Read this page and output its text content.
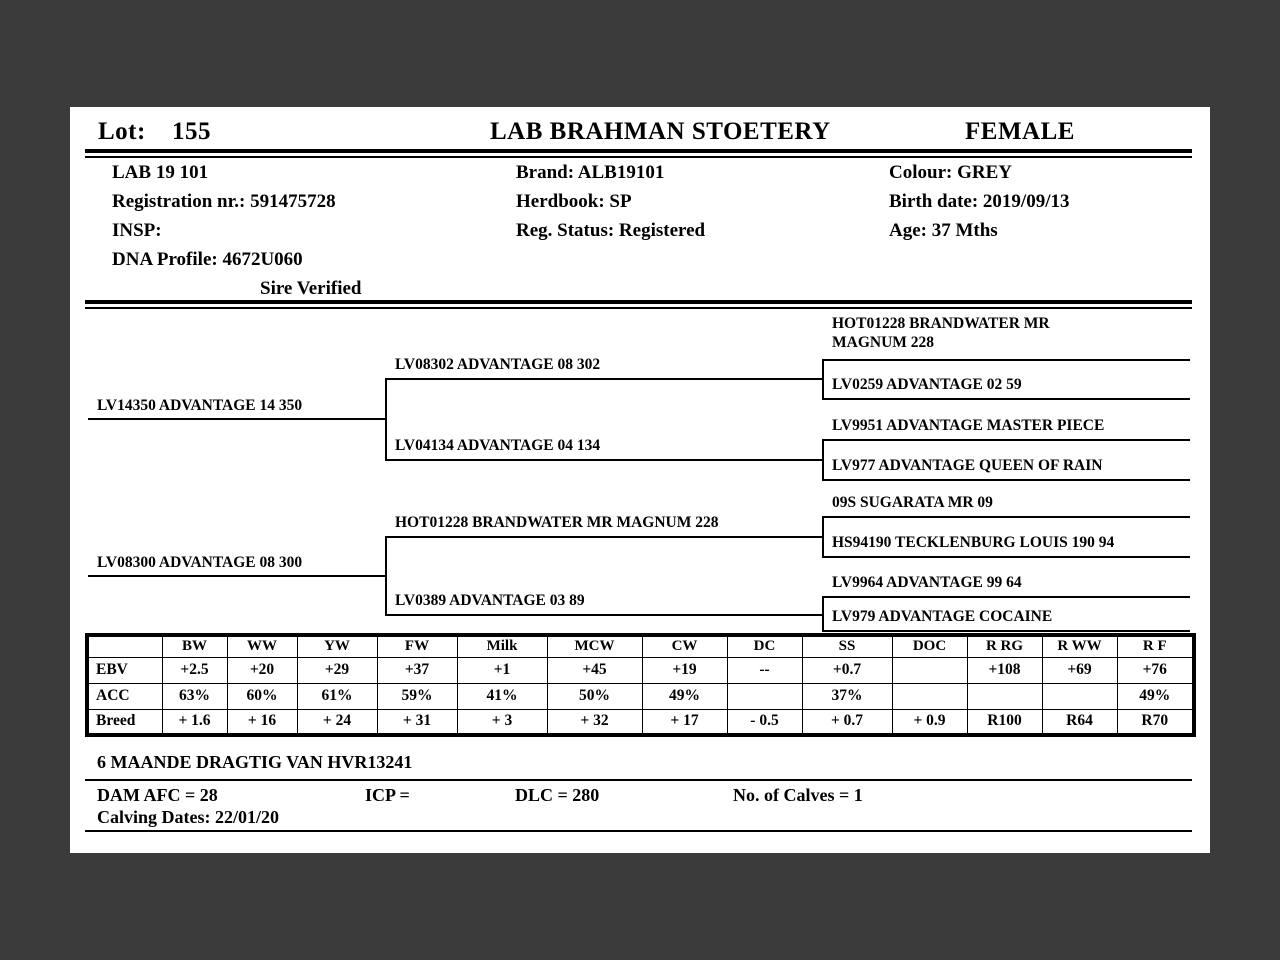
Lot: 155	LAB BRAHMAN STOETERY	FEMALE
LAB 19 101
Registration nr.: 591475728
INSP:
DNA Profile: 4672U060
Sire Verified
Brand: ALB19101
Herdbook: SP
Reg. Status: Registered
Colour: GREY
Birth date: 2019/09/13
Age: 37 Mths
LV14350 ADVANTAGE 14 350
LV08300 ADVANTAGE 08 300
LV08302 ADVANTAGE 08 302
LV04134 ADVANTAGE 04 134
HOT01228 BRANDWATER MR MAGNUM 228
LV0389 ADVANTAGE 03 89
HOT01228 BRANDWATER MR MAGNUM 228
LV0259 ADVANTAGE 02 59
LV9951 ADVANTAGE MASTER PIECE
LV977 ADVANTAGE QUEEN OF RAIN
09S SUGARATA MR 09
HS94190 TECKLENBURG LOUIS 190 94
LV9964 ADVANTAGE 99 64
LV979 ADVANTAGE COCAINE
	BW	WW	YW	FW	Milk	MCW	CW	DC	SS	DOC	R RG	R WW	R F
EBV	+2.5	+20	+29	+37	+1	+45	+19	--	+0.7		+108	+69	+76
ACC	63%	60%	61%	59%	41%	50%	49%		37%				49%
Breed	+ 1.6	+ 16	+ 24	+ 31	+ 3	+ 32	+ 17	- 0.5	+ 0.7	+ 0.9	R100	R64	R70
6 MAANDE DRAGTIG VAN HVR13241
DAM AFC = 28	ICP =	DLC = 280	No. of Calves = 1
Calving Dates: 22/01/20
